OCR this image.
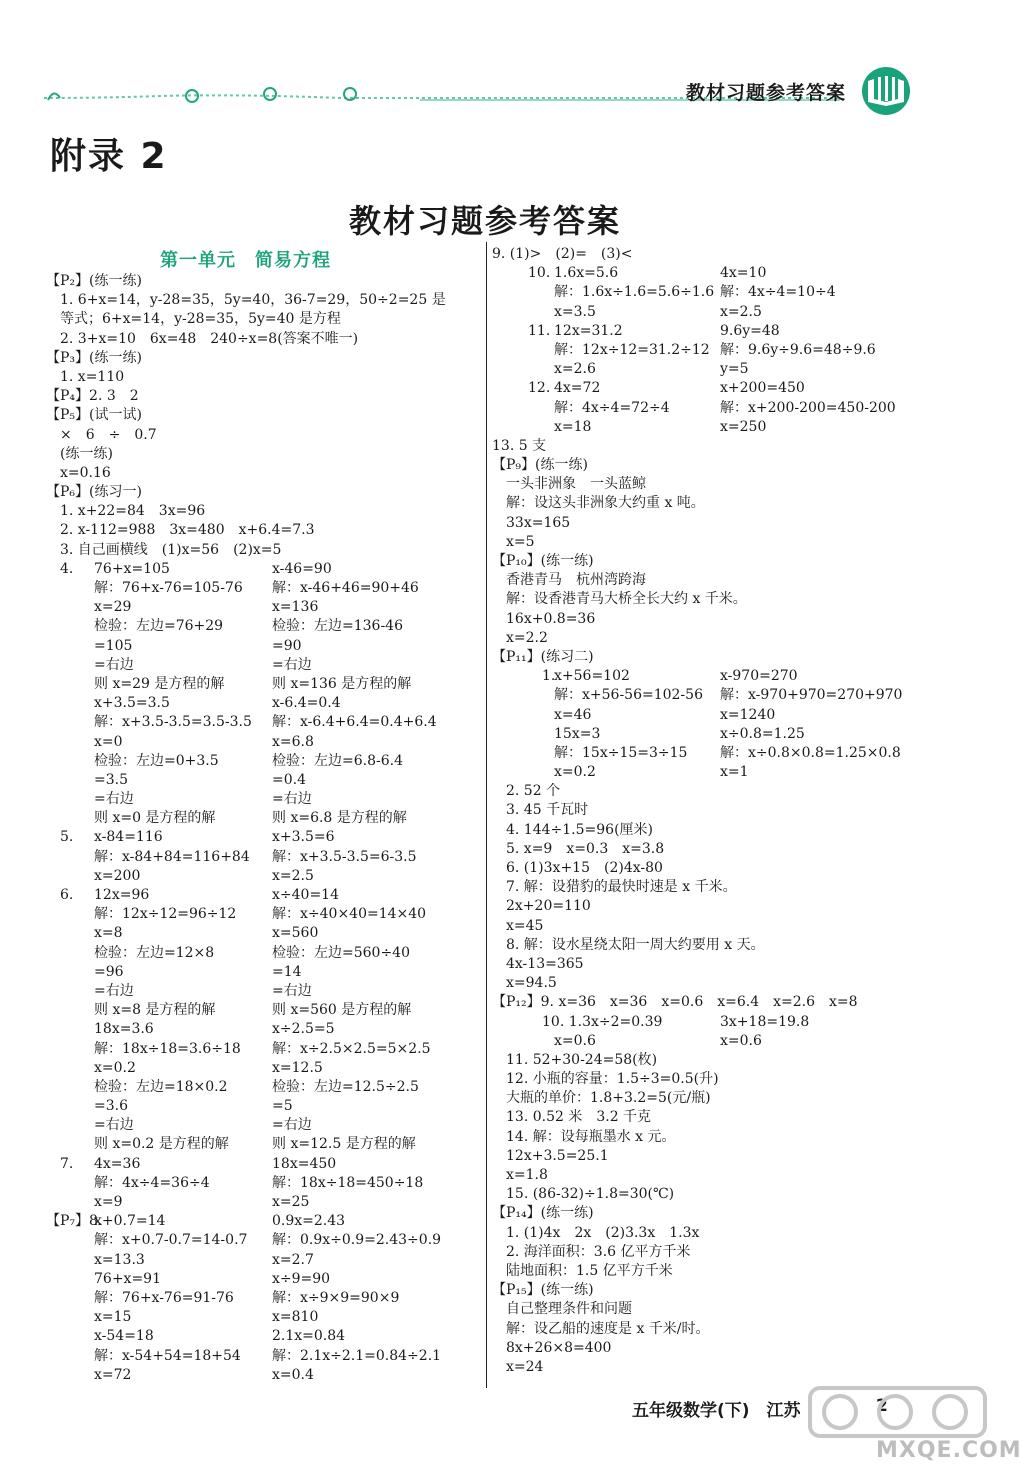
教材习题参考答案
附录 2
教材习题参考答案
第一单元　简易方程
【P₂】(练一练)
　1. 6+x=14，y-28=35，5y=40，36-7=29，50÷2=25 是
　等式；6+x=14，y-28=35，5y=40 是方程
　2. 3+x=10　6x=48　240÷x=8(答案不唯一)
【P₃】(练一练)
　1. x=110
【P₄】2. 3　2
【P₅】(试一试)
　×　6　÷　0.7
　(练一练)
　x=0.16
【P₆】(练习一)
　1. x+22=84　3x=96
　2. x-112=988　3x=480　x+6.4=7.3
　3. 自己画横线　(1)x=56　(2)x=5
　4. 76+x=105	x-46=90
解：76+x-76=105-76 解：x-46+46=90+46
x=29	x=136
检验：左边=76+29	检验：左边=136-46
=105	=90
=右边	=右边
则 x=29 是方程的解	则 x=136 是方程的解
x+3.5=3.5	x-6.4=0.4
解：x+3.5-3.5=3.5-3.5 解：x-6.4+6.4=0.4+6.4
x=0	x=6.8
检验：左边=0+3.5	检验：左边=6.8-6.4
=3.5	=0.4
=右边	=右边
则 x=0 是方程的解	则 x=6.8 是方程的解
　5. x-84=116	x+3.5=6
解：x-84+84=116+84 解：x+3.5-3.5=6-3.5
x=200	x=2.5
　6. 12x=96	x÷40=14
解：12x÷12=96÷12	解：x÷40×40=14×40
x=8	x=560
检验：左边=12×8	检验：左边=560÷40
=96	=14
=右边	=右边
则 x=8 是方程的解	则 x=560 是方程的解
18x=3.6	x÷2.5=5
解：18x÷18=3.6÷18 解：x÷2.5×2.5=5×2.5
x=0.2	x=12.5
检验：左边=18×0.2	检验：左边=12.5÷2.5
=3.6	=5
=右边	=右边
则 x=0.2 是方程的解	则 x=12.5 是方程的解
　7. 4x=36	18x=450
解：4x÷4=36÷4	解：18x÷18=450÷18
x=9	x=25
【P₇】8.
x+0.7=14	0.9x=2.43
解：x+0.7-0.7=14-0.7 解：0.9x÷0.9=2.43÷0.9
x=13.3	x=2.7
76+x=91	x÷9=90
解：76+x-76=91-76	解：x÷9×9=90×9
x=15	x=810
x-54=18	2.1x=0.84
解：x-54+54=18+54 解：2.1x÷2.1=0.84÷2.1
x=72	x=0.4
9. (1)>　(2)=　(3)<
10. 1.6x=5.6	4x=10
解：1.6x÷1.6=5.6÷1.6 解：4x÷4=10÷4
x=3.5	x=2.5
11. 12x=31.2	9.6y=48
解：12x÷12=31.2÷12 解：9.6y÷9.6=48÷9.6
x=2.6	y=5
12. 4x=72	x+200=450
解：4x÷4=72÷4	解：x+200-200=450-200
x=18	x=250
13. 5 支
【P₉】(练一练)
　一头非洲象　一头蓝鲸
　解：设这头非洲象大约重 x 吨。
　33x=165
　x=5
【P₁₀】(练一练)
　香港青马　杭州湾跨海
　解：设香港青马大桥全长大约 x 千米。
　16x+0.8=36
　x=2.2
【P₁₁】(练习二)
　1.
x+56=102	x-970=270
解：x+56-56=102-56 解：x-970+970=270+970
x=46	x=1240
15x=3	x÷0.8=1.25
解：15x÷15=3÷15 解：x÷0.8×0.8=1.25×0.8
x=0.2	x=1
　2. 52 个
　3. 45 千瓦时
　4. 144÷1.5=96(厘米)
　5. x=9　x=0.3　x=3.8
　6. (1)3x+15　(2)4x-80
　7. 解：设猎豹的最快时速是 x 千米。
　2x+20=110
　x=45
　8. 解：设水星绕太阳一周大约要用 x 天。
　4x-13=365
　x=94.5
【P₁₂】9. x=36　x=36　x=0.6　x=6.4　x=2.6　x=8
　10. 1.3x÷2=0.39	3x+18=19.8
x=0.6	x=0.6
　11. 52+30-24=58(枚)
　12. 小瓶的容量：1.5÷3=0.5(升)
　大瓶的单价：1.8+3.2=5(元/瓶)
　13. 0.52 米　3.2 千克
　14. 解：设每瓶墨水 x 元。
　12x+3.5=25.1
　x=1.8
　15. (86-32)÷1.8=30(℃)
【P₁₄】(练一练)
　1. (1)4x　2x　(2)3.3x　1.3x
　2. 海洋面积：3.6 亿平方千米
　陆地面积：1.5 亿平方千米
【P₁₅】(练一练)
　自己整理条件和问题
　解：设乙船的速度是 x 千米/时。
　8x+26×8=400
　x=24
五年级数学(下)　江苏	2
MXQE.COM
